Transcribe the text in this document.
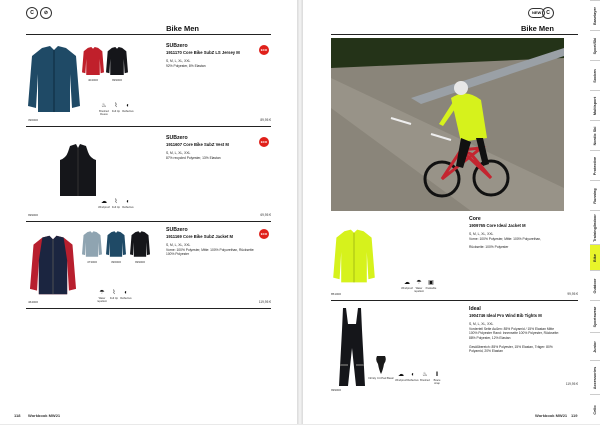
C	⊘
Bike Men
404000	999000
396000
SUBzero
1911170 Core Bike SubZ LS Jersey M
S, M, L, XL, XXL
92% Polyester, 8% Elastan
ECO
♨
Brushed Fleece
⌇
Full zip
◐
Reflective
89,95 €
999000
SUBzero
1911607 Core Bike SubZ Vest M
S, M, L, XL, XXL
87% recycled Polyester, 13% Elastan
ECO
☁
Windproof
⌇
Full zip
◐
Reflective
69,95 €
473000	396000	999000
464000
SUBzero
1911169 Core Bike SubZ Jacket M
S, M, L, XL, XXL
Vorne: 100% Polyester, Mitte: 100% Polyurethan, Rückseite: 100% Polyester
ECO
☂
Water repellent
⌇
Full zip
◐
Reflective
119,95 €
118 Workbook MW21
NEW C
Bike Men
851000
Core
1909765 Core Ideal Jacket M
S, M, L, XL, XXL
Vorne: 100% Polyester, Mitte: 100% Polyurethan,
Rückseite: 100% Polyester
☁
Windproof
☂
Water repellent
▣
Packable
99,95 €
999000
Infinity C4 Pad Basic
Ideal
1904746 Ideal Pro Wind Bib Tights M
S, M, L, XL, XXL
Vorderteil Seite Außen: 85% Polyamid / 15% Elastan Mitte 100% Polyester Rand: Innenseite 100% Polyester, Rückseite: 88% Polyester, 12% Elastan
Gesäßbereich: 85% Polyester, 15% Elastan, Träger: 80% Polyamid, 20% Elastan
☁
Windproof
◐
Reflective
♨
Brushed
Ⅱ
Brace strap	119,95 €
Workbook MW21 119
Baselayer
Sport/Ski
Socken
Multisport
Nordic Ski
Protective
Running
Training/Indoor
Bike
Outdoor
Sportswear
Junior
Accessories
Cello
